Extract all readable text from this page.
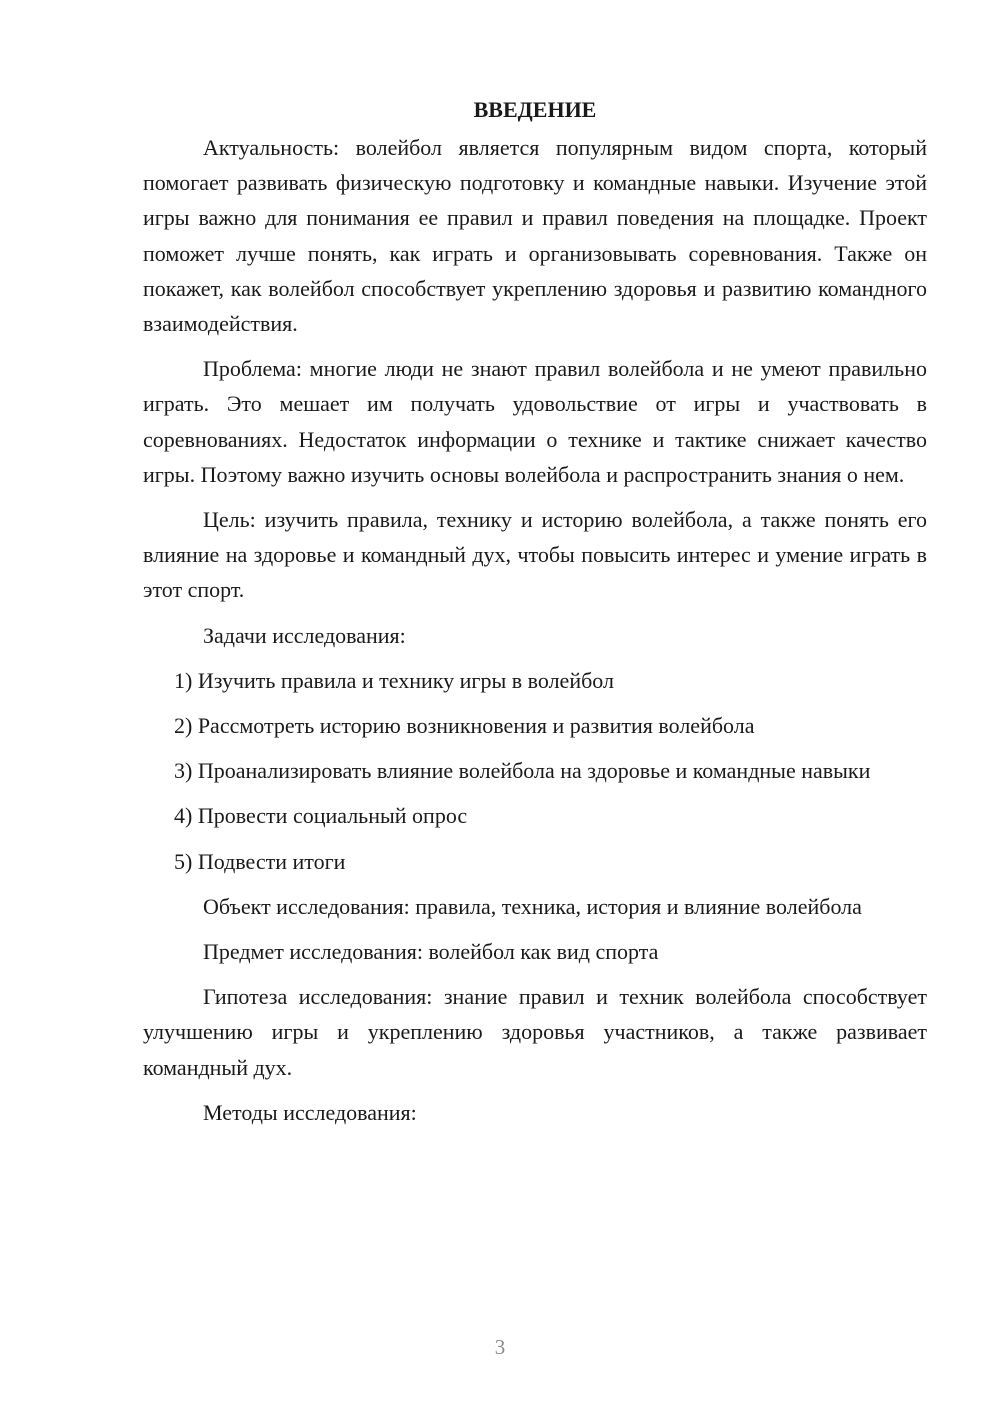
ВВЕДЕНИЕ

Актуальность: волейбол является популярным видом спорта, который помогает развивать физическую подготовку и командные навыки. Изучение этой игры важно для понимания ее правил и правил поведения на площадке. Проект поможет лучше понять, как играть и организовывать соревнования. Также он покажет, как волейбол способствует укреплению здоровья и развитию командного взаимодействия.

Проблема: многие люди не знают правил волейбола и не умеют правильно играть. Это мешает им получать удовольствие от игры и участвовать в соревнованиях. Недостаток информации о технике и тактике снижает качество игры. Поэтому важно изучить основы волейбола и распространить знания о нем.

Цель: изучить правила, технику и историю волейбола, а также понять его влияние на здоровье и командный дух, чтобы повысить интерес и умение играть в этот спорт.

Задачи исследования:

1) Изучить правила и технику игры в волейбол

2) Рассмотреть историю возникновения и развития волейбола

3) Проанализировать влияние волейбола на здоровье и командные навыки

4) Провести социальный опрос

5) Подвести итоги

Объект исследования: правила, техника, история и влияние волейбола

Предмет исследования: волейбол как вид спорта

Гипотеза исследования: знание правил и техник волейбола способствует улучшению игры и укреплению здоровья участников, а также развивает командный дух.

Методы исследования:

3
